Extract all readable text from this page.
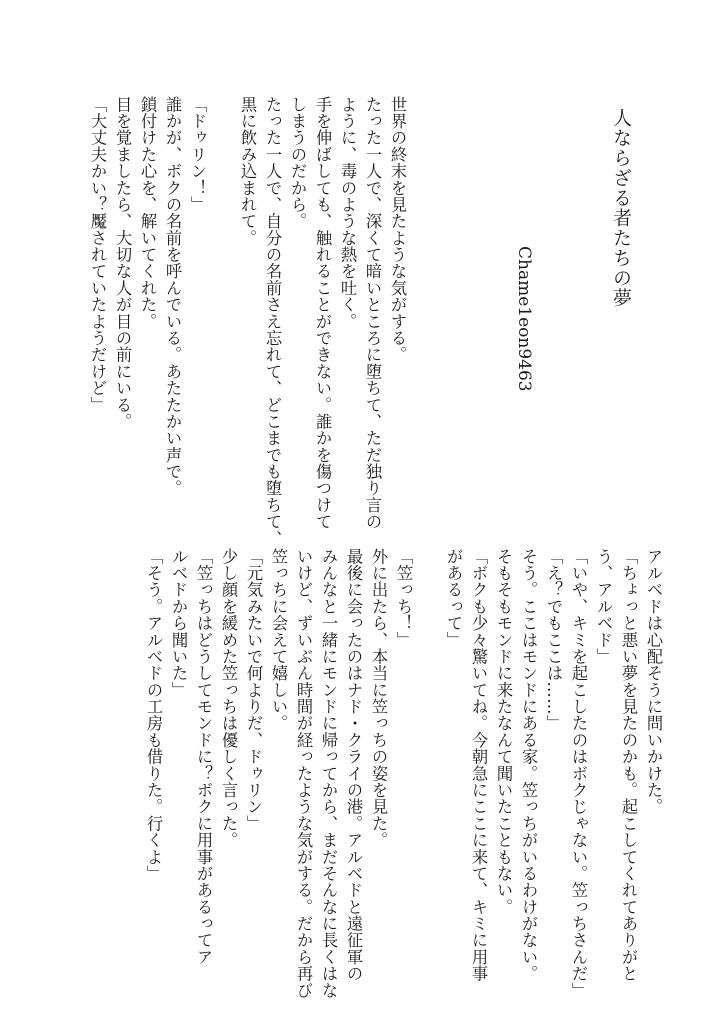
人ならざる者たちの夢
Chame1eon9463
世界の終末を見たような気がする。
たった一人で、深くて暗いところに堕ちて、ただ独り言の
ように、毒のような熱を吐く。
手を伸ばしても、触れることができない。誰かを傷つけて
しまうのだから。
たった一人で、自分の名前さえ忘れて、どこまでも堕ちて、
黒に飲み込まれて。
「ドゥリン！」
誰かが、ボクの名前を呼んでいる。あたたかい声で。
鎖付けた心を、解いてくれた。
目を覚ましたら、大切な人が目の前にいる。
「大丈夫かい？魘されていたようだけど」
アルベドは心配そうに問いかけた。
「ちょっと悪い夢を見たのかも。起こしてくれてありがと
う、アルベド」
「いや、キミを起こしたのはボクじゃない。笠っちさんだ」
「え？でもここは……」
そう。ここはモンドにある家。笠っちがいるわけがない。
そもそもモンドに来たなんて聞いたこともない。
「ボクも少々驚いてね。今朝急にここに来て、キミに用事
があるって」
「笠っち！」
外に出たら、本当に笠っちの姿を見た。
最後に会ったのはナド・クライの港。アルベドと遠征軍の
みんなと一緒にモンドに帰ってから、まだそんなに長くはな
いけど、ずいぶん時間が経ったような気がする。だから再び
笠っちに会えて嬉しい。
「元気みたいで何よりだ、ドゥリン」
少し顔を緩めた笠っちは優しく言った。
「笠っちはどうしてモンドに？ボクに用事があるってア
ルベドから聞いた」
「そう。アルベドの工房も借りた。行くよ」
